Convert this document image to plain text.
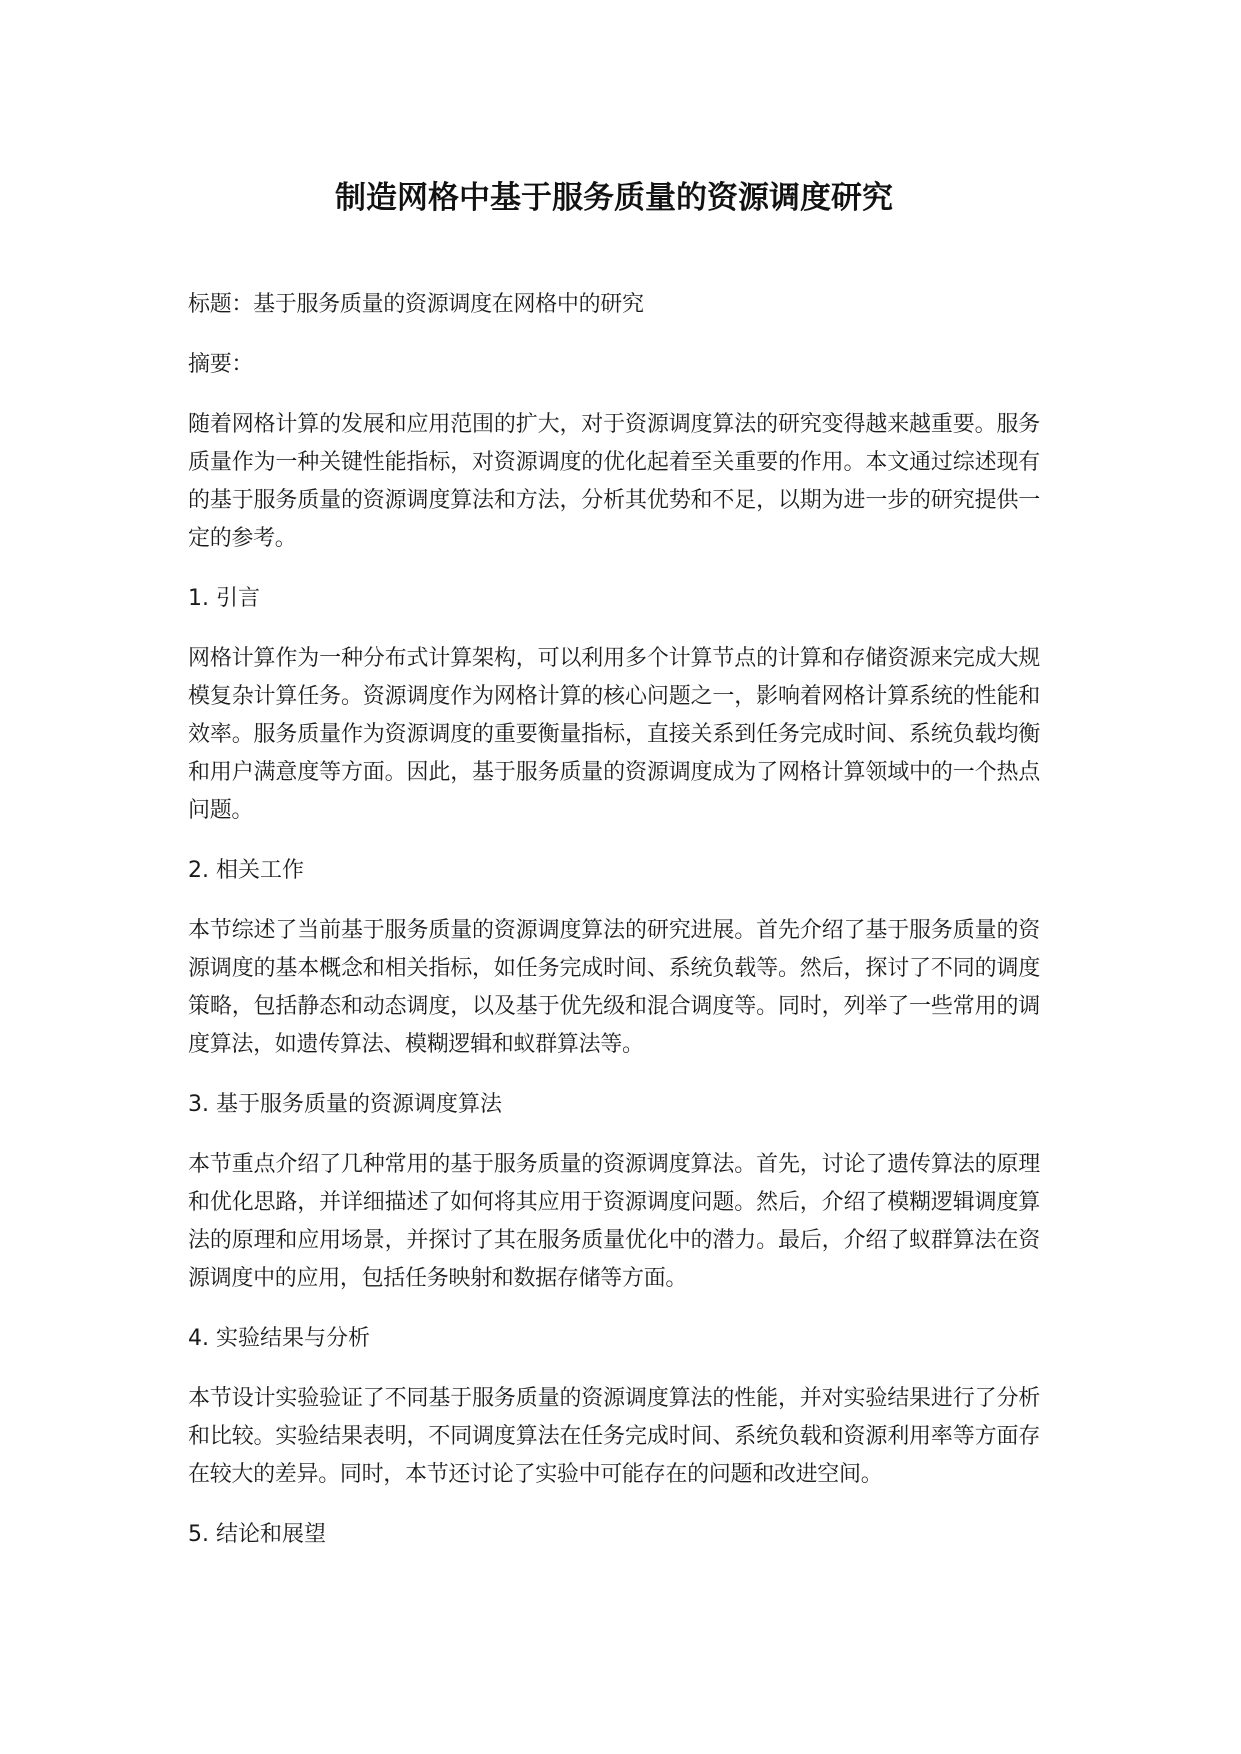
制造网格中基于服务质量的资源调度研究

标题：基于服务质量的资源调度在网格中的研究

摘要：

随着网格计算的发展和应用范围的扩大，对于资源调度算法的研究变得越来越重要。服务质量作为一种关键性能指标，对资源调度的优化起着至关重要的作用。本文通过综述现有的基于服务质量的资源调度算法和方法，分析其优势和不足，以期为进一步的研究提供一定的参考。

1. 引言

网格计算作为一种分布式计算架构，可以利用多个计算节点的计算和存储资源来完成大规模复杂计算任务。资源调度作为网格计算的核心问题之一，影响着网格计算系统的性能和效率。服务质量作为资源调度的重要衡量指标，直接关系到任务完成时间、系统负载均衡和用户满意度等方面。因此，基于服务质量的资源调度成为了网格计算领域中的一个热点问题。

2. 相关工作

本节综述了当前基于服务质量的资源调度算法的研究进展。首先介绍了基于服务质量的资源调度的基本概念和相关指标，如任务完成时间、系统负载等。然后，探讨了不同的调度策略，包括静态和动态调度，以及基于优先级和混合调度等。同时，列举了一些常用的调度算法，如遗传算法、模糊逻辑和蚁群算法等。

3. 基于服务质量的资源调度算法

本节重点介绍了几种常用的基于服务质量的资源调度算法。首先，讨论了遗传算法的原理和优化思路，并详细描述了如何将其应用于资源调度问题。然后，介绍了模糊逻辑调度算法的原理和应用场景，并探讨了其在服务质量优化中的潜力。最后，介绍了蚁群算法在资源调度中的应用，包括任务映射和数据存储等方面。

4. 实验结果与分析

本节设计实验验证了不同基于服务质量的资源调度算法的性能，并对实验结果进行了分析和比较。实验结果表明，不同调度算法在任务完成时间、系统负载和资源利用率等方面存在较大的差异。同时，本节还讨论了实验中可能存在的问题和改进空间。

5. 结论和展望
